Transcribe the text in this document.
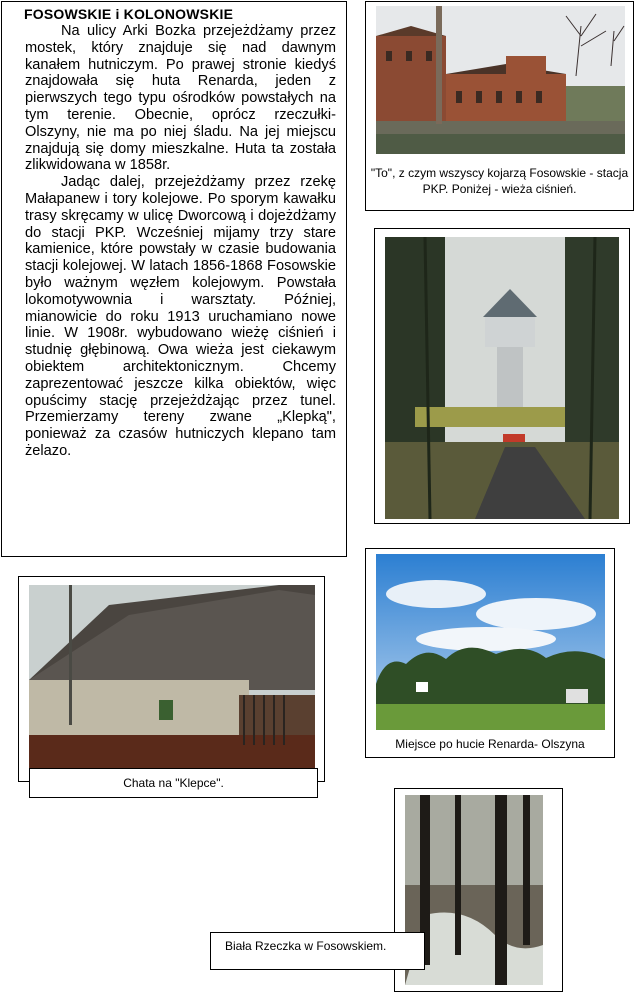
FOSOWSKIE i KOLONOWSKIE

Na ulicy Arki Bozka przejeżdżamy przez mostek, który znajduje się nad dawnym kanałem hutniczym. Po prawej stronie kiedyś znajdowała się huta Renarda, jeden z pierwszych tego typu ośrodków powstałych na tym terenie. Obecnie, oprócz rzeczułki- Olszyny, nie ma po niej śladu. Na jej miejscu znajdują się domy mieszkalne. Huta ta została zlikwidowana w 1858r.

Jadąc dalej, przejeżdżamy przez rzekę Małapanew i tory kolejowe. Po sporym kawałku trasy skręcamy w ulicę Dworcową i dojeżdżamy do stacji PKP. Wcześniej mijamy trzy stare kamienice, które powstały w czasie budowania stacji kolejowej. W latach 1856-1868 Fosowskie było ważnym węzłem kolejowym. Powstała lokomotywownia i warsztaty. Później, mianowicie do roku 1913 uruchamiano nowe linie. W 1908r. wybudowano wieżę ciśnień i studnię głębinową. Owa wieża jest ciekawym obiektem architektonicznym. Chcemy zaprezentować jeszcze kilka obiektów, więc opuścimy stację przejeżdżając przez tunel. Przemierzamy tereny zwane „Klepką", ponieważ za czasów hutniczych klepano tam żelazo.

"To", z czym wszyscy kojarzą Fosowskie - stacja PKP. Poniżej - wieża ciśnień.
Miejsce po hucie Renarda- Olszyna
Chata na "Klepce".
Biała Rzeczka w Fosowskiem.
